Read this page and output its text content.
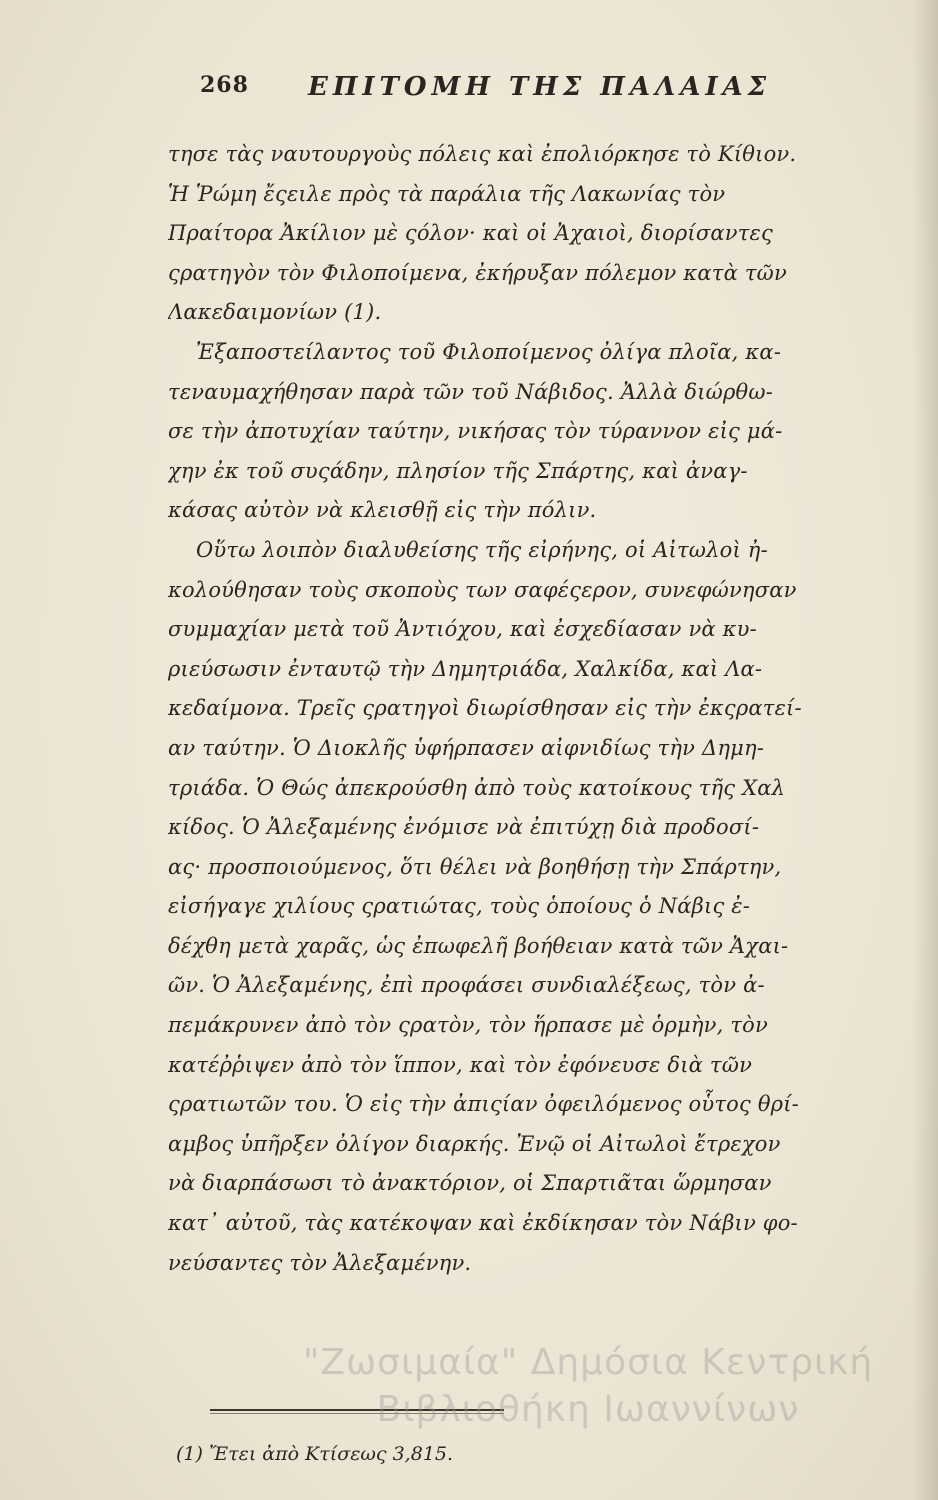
268 ΕΠΙΤΟΜΗ ΤΗΣ ΠΑΛΑΙΑΣ
τησε τὰς ναυτουργοὺς πόλεις καὶ ἐπολιόρκησε τὸ Κίθιον.
Ἡ Ῥώμη ἔςειλε πρὸς τὰ παράλια τῆς Λακωνίας τὸν
Πραίτορα Ἀκίλιον μὲ ςόλον· καὶ οἱ Ἀχαιοὶ, διορίσαντες
ςρατηγὸν τὸν Φιλοποίμενα, ἐκήρυξαν πόλεμον κατὰ τῶν
Λακεδαιμονίων (1).
Ἐξαποστείλαντος τοῦ Φιλοποίμενος ὀλίγα πλοῖα, κα-
τεναυμαχήθησαν παρὰ τῶν τοῦ Νάβιδος. Ἀλλὰ διώρθω-
σε τὴν ἀποτυχίαν ταύτην, νικήσας τὸν τύραννον εἰς μά-
χην ἐκ τοῦ συςάδην, πλησίον τῆς Σπάρτης, καὶ ἀναγ-
κάσας αὐτὸν νὰ κλεισθῇ εἰς τὴν πόλιν.
Οὕτω λοιπὸν διαλυθείσης τῆς εἰρήνης, οἱ Αἰτωλοὶ ἠ-
κολούθησαν τοὺς σκοποὺς των σαφέςερον, συνεφώνησαν
συμμαχίαν μετὰ τοῦ Ἀντιόχου, καὶ ἐσχεδίασαν νὰ κυ-
ριεύσωσιν ἐνταυτῷ τὴν Δημητριάδα, Χαλκίδα, καὶ Λα-
κεδαίμονα. Τρεῖς ςρατηγοὶ διωρίσθησαν εἰς τὴν ἐκςρατεί-
αν ταύτην. Ὁ Διοκλῆς ὑφήρπασεν αἰφνιδίως τὴν Δημη-
τριάδα. Ὁ Θώς ἀπεκρούσθη ἀπὸ τοὺς κατοίκους τῆς Χαλ
κίδος. Ὁ Ἀλεξαμένης ἐνόμισε νὰ ἐπιτύχῃ διὰ προδοσί-
ας· προσποιούμενος, ὅτι θέλει νὰ βοηθήσῃ τὴν Σπάρτην,
εἰσήγαγε χιλίους ςρατιώτας, τοὺς ὁποίους ὁ Νάβις ἐ-
δέχθη μετὰ χαρᾶς, ὡς ἐπωφελῆ βοήθειαν κατὰ τῶν Ἀχαι-
ῶν. Ὁ Ἀλεξαμένης, ἐπὶ προφάσει συνδιαλέξεως, τὸν ἀ-
πεμάκρυνεν ἀπὸ τὸν ςρατὸν, τὸν ἥρπασε μὲ ὁρμὴν, τὸν
κατέῤῥιψεν ἀπὸ τὸν ἵππον, καὶ τὸν ἐφόνευσε διὰ τῶν
ςρατιωτῶν του. Ὁ εἰς τὴν ἀπιςίαν ὀφειλόμενος οὗτος θρί-
αμβος ὑπῆρξεν ὀλίγον διαρκής. Ἐνῷ οἱ Αἰτωλοὶ ἔτρεχον
νὰ διαρπάσωσι τὸ ἀνακτόριον, οἱ Σπαρτιᾶται ὥρμησαν
κατ᾽ αὐτοῦ, τὰς κατέκοψαν καὶ ἐκδίκησαν τὸν Νάβιν φο-
νεύσαντες τὸν Ἀλεξαμένην.
(1) Ἔτει ἀπὸ Κτίσεως 3,815.
"Ζωσιμαία" Δημόσια Κεντρική
Βιβλιοθήκη Ιωαννίνων
